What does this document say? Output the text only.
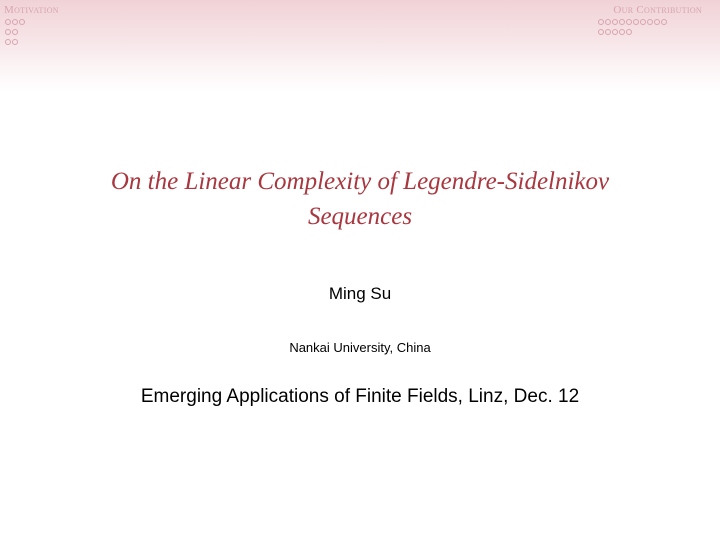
Motivation	Our Contribution
On the Linear Complexity of Legendre-Sidelnikov
Sequences
Ming Su
Nankai University, China
Emerging Applications of Finite Fields, Linz, Dec. 12
